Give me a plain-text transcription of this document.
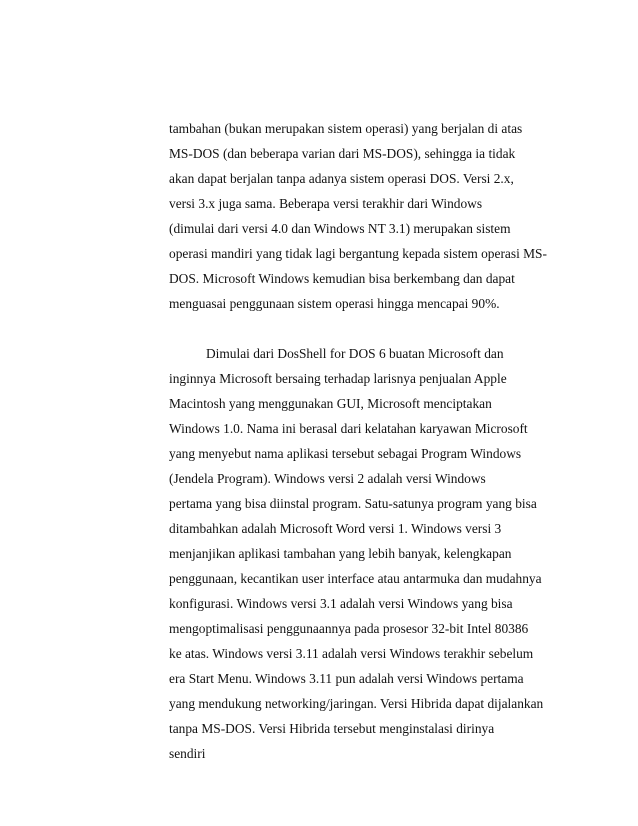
tambahan (bukan merupakan sistem operasi) yang berjalan di atas
MS-DOS (dan beberapa varian dari MS-DOS), sehingga ia tidak
akan dapat berjalan tanpa adanya sistem operasi DOS. Versi 2.x,
versi 3.x juga sama. Beberapa versi terakhir dari Windows
(dimulai dari versi 4.0 dan Windows NT 3.1) merupakan sistem
operasi mandiri yang tidak lagi bergantung kepada sistem operasi MS-
DOS. Microsoft Windows kemudian bisa berkembang dan dapat
menguasai penggunaan sistem operasi hingga mencapai 90%.
Dimulai dari DosShell for DOS 6 buatan Microsoft dan
inginnya Microsoft bersaing terhadap larisnya penjualan Apple
Macintosh yang menggunakan GUI, Microsoft menciptakan
Windows 1.0. Nama ini berasal dari kelatahan karyawan Microsoft
yang menyebut nama aplikasi tersebut sebagai Program Windows
(Jendela Program). Windows versi 2 adalah versi Windows
pertama yang bisa diinstal program. Satu-satunya program yang bisa
ditambahkan adalah Microsoft Word versi 1. Windows versi 3
menjanjikan aplikasi tambahan yang lebih banyak, kelengkapan
penggunaan, kecantikan user interface atau antarmuka dan mudahnya
konfigurasi. Windows versi 3.1 adalah versi Windows yang bisa
mengoptimalisasi penggunaannya pada prosesor 32-bit Intel 80386
ke atas. Windows versi 3.11 adalah versi Windows terakhir sebelum
era Start Menu. Windows 3.11 pun adalah versi Windows pertama
yang mendukung networking/jaringan. Versi Hibrida dapat dijalankan
tanpa MS-DOS. Versi Hibrida tersebut menginstalasi dirinya
sendiri
